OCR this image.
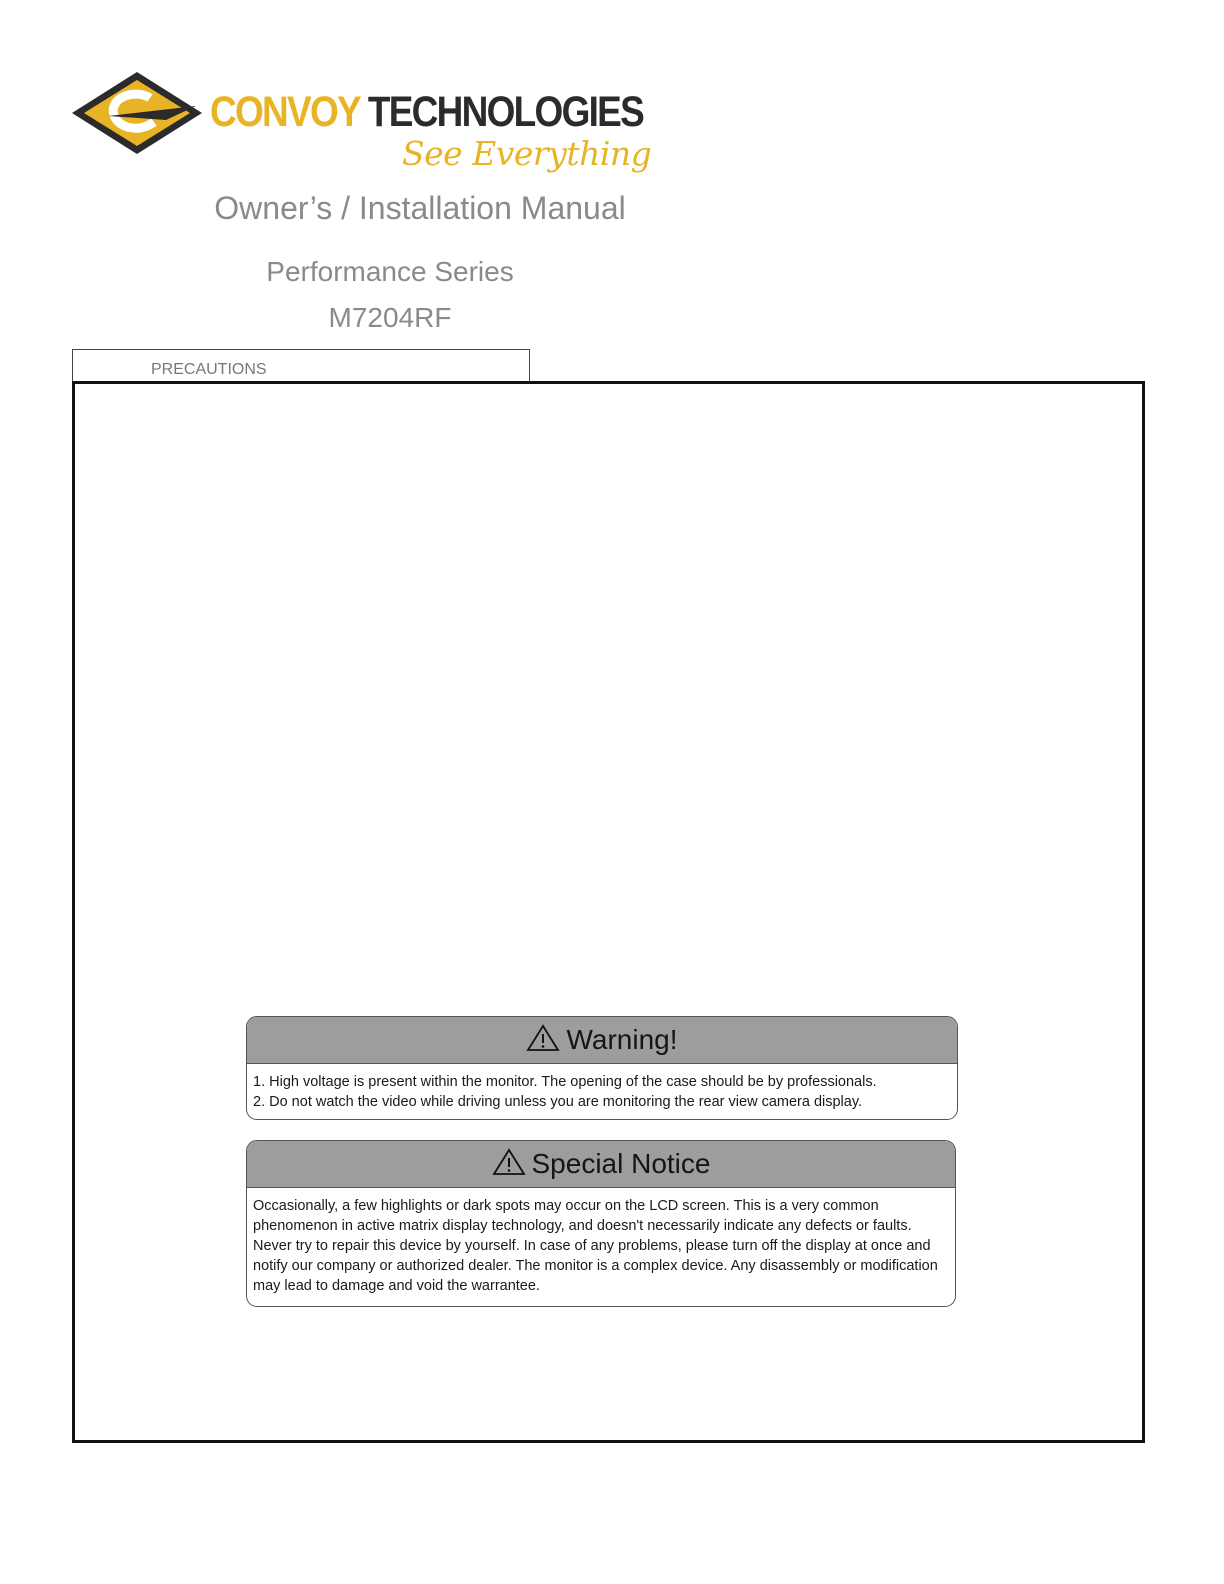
CONVOY TECHNOLOGIES
See Everything
Owner’s / Installation Manual
Performance Series
M7204RF
PRECAUTIONS
Warning!
1. High voltage is present within the monitor. The opening of the case should be by professionals.
2. Do not watch the video while driving unless you are monitoring the rear view camera display.
Special Notice
Occasionally, a few highlights or dark spots may occur on the LCD screen. This is a very common
phenomenon in active matrix display technology, and doesn't necessarily indicate any defects or faults.
Never try to repair this device by yourself. In case of any problems, please turn off the display at once and
notify our company or authorized dealer. The monitor is a complex device. Any disassembly or modification
may lead to damage and void the warrantee.
